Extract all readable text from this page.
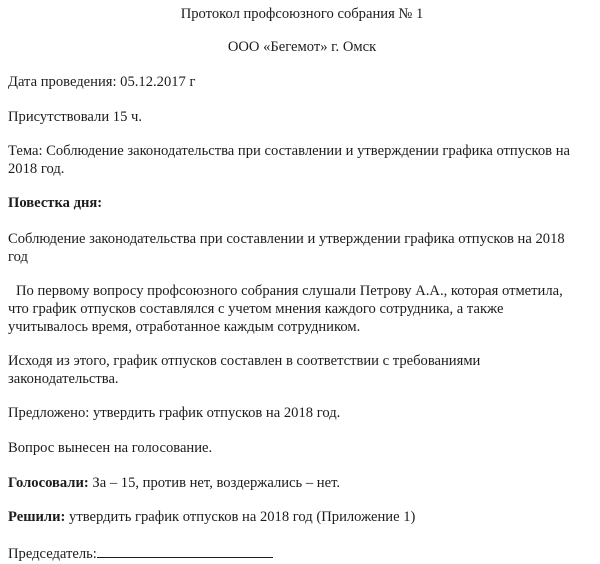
Протокол профсоюзного собрания № 1
ООО «Бегемот» г. Омск
Дата проведения: 05.12.2017 г
Присутствовали 15 ч.
Тема: Соблюдение законодательства при составлении и утверждении графика отпусков на
2018 год.
Повестка дня:
Соблюдение законодательства при составлении и утверждении графика отпусков на 2018
год
По первому вопросу профсоюзного собрания слушали Петрову А.А., которая отметила,
что график отпусков составлялся с учетом мнения каждого сотрудника, а также
учитывалось время, отработанное каждым сотрудником.
Исходя из этого, график отпусков составлен в соответствии с требованиями
законодательства.
Предложено: утвердить график отпусков на 2018 год.
Вопрос вынесен на голосование.
Голосовали: За – 15, против нет, воздержались – нет.
Решили: утвердить график отпусков на 2018 год (Приложение 1)
Председатель:
